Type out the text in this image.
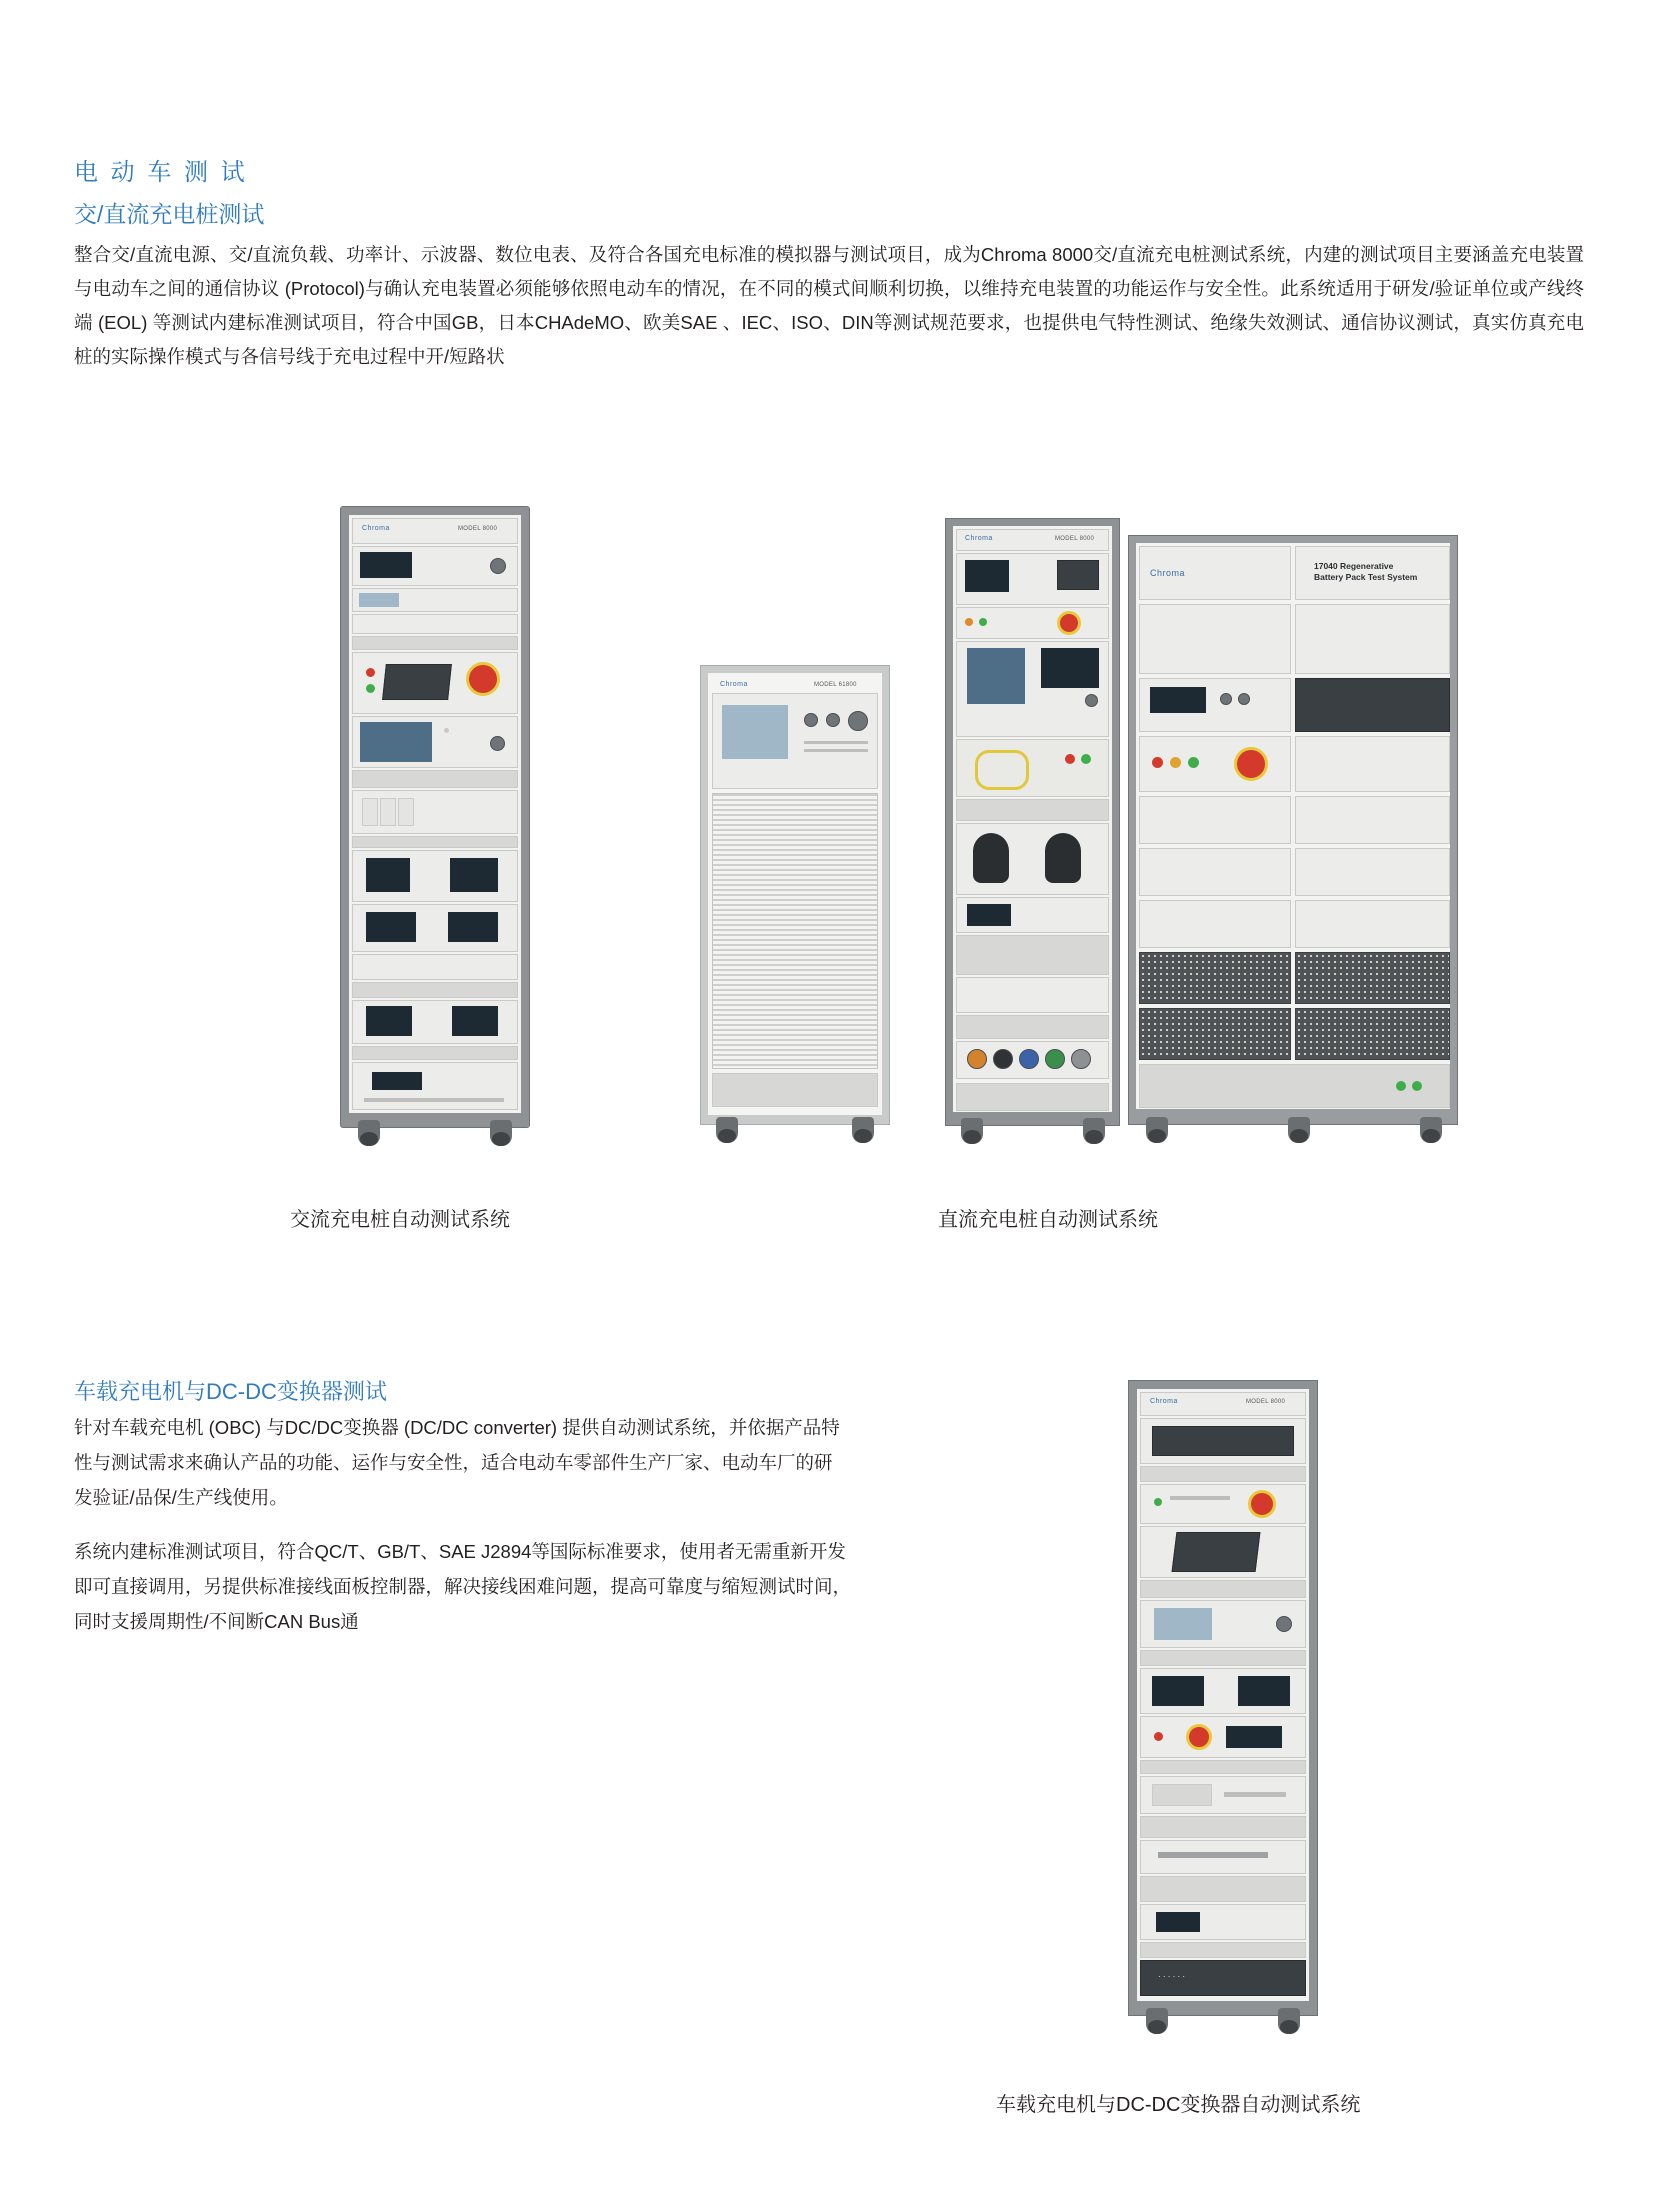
电 动 车 测 试
交/直流充电桩测试

整合交/直流电源、交/直流负载、功率计、示波器、数位电表、及符合各国充电标准的模拟器与测试项目，成为Chroma 8000交/直流充电桩测试系统，内建的测试项目主要涵盖充电装置与电动车之间的通信协议 (Protocol)与确认充电装置必须能够依照电动车的情况，在不同的模式间顺利切换，以维持充电装置的功能运作与安全性。此系统适用于研发/验证单位或产线终端 (EOL) 等测试内建标准测试项目，符合中国GB，日本CHAdeMO、欧美SAE 、IEC、ISO、DIN等测试规范要求，也提供电气特性测试、绝缘失效测试、通信协议测试，真实仿真充电桩的实际操作模式与各信号线于充电过程中开/短路状

Chroma	MODEL 8000
Chroma	MODEL 61800
Chroma	MODEL 8000
Chroma
17040 Regenerative
Battery Pack Test System
交流充电桩自动测试系统	直流充电桩自动测试系统
车载充电机与DC-DC变换器测试

针对车载充电机 (OBC) 与DC/DC变换器 (DC/DC converter) 提供自动测试系统，并依据产品特性与测试需求来确认产品的功能、运作与安全性，适合电动车零部件生产厂家、电动车厂的研发验证/品保/生产线使用。

系统内建标准测试项目，符合QC/T、GB/T、SAE J2894等国际标准要求，使用者无需重新开发即可直接调用，另提供标准接线面板控制器，解决接线困难问题，提高可靠度与缩短测试时间，同时支援周期性/不间断CAN Bus通

Chroma	MODEL 8000
· · · · · ·
车载充电机与DC-DC变换器自动测试系统
